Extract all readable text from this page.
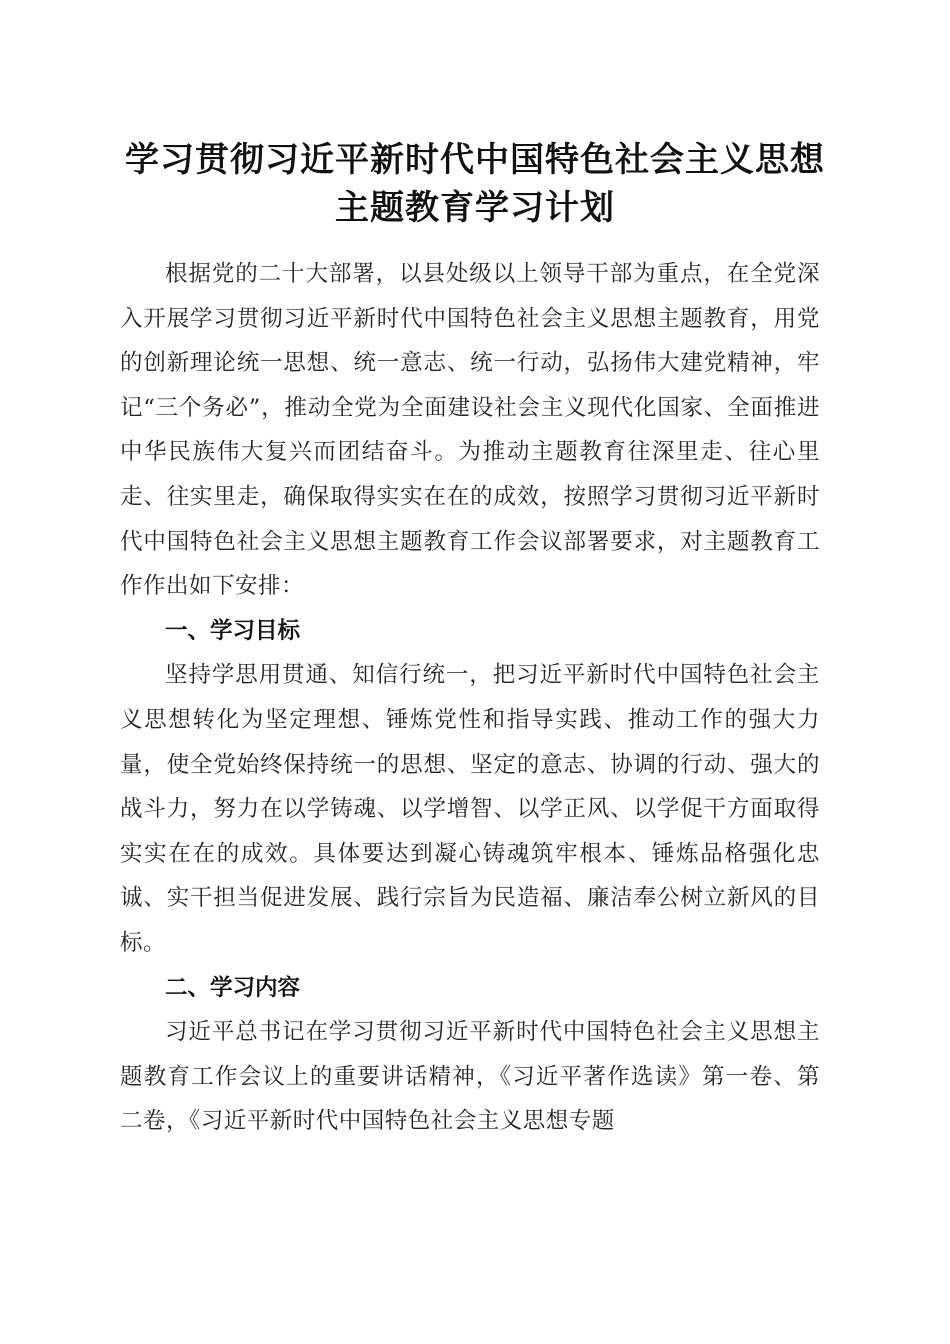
学习贯彻习近平新时代中国特色社会主义思想
主题教育学习计划

根据党的二十大部署，以县处级以上领导干部为重点，在全党深入开展学习贯彻习近平新时代中国特色社会主义思想主题教育，用党的创新理论统一思想、统一意志、统一行动，弘扬伟大建党精神，牢记“三个务必”，推动全党为全面建设社会主义现代化国家、全面推进中华民族伟大复兴而团结奋斗。为推动主题教育往深里走、往心里走、往实里走，确保取得实实在在的成效，按照学习贯彻习近平新时代中国特色社会主义思想主题教育工作会议部署要求，对主题教育工作作出如下安排：

一、学习目标

坚持学思用贯通、知信行统一，把习近平新时代中国特色社会主义思想转化为坚定理想、锤炼党性和指导实践、推动工作的强大力量，使全党始终保持统一的思想、坚定的意志、协调的行动、强大的战斗力，努力在以学铸魂、以学增智、以学正风、以学促干方面取得实实在在的成效。具体要达到凝心铸魂筑牢根本、锤炼品格强化忠诚、实干担当促进发展、践行宗旨为民造福、廉洁奉公树立新风的目标。

二、学习内容

习近平总书记在学习贯彻习近平新时代中国特色社会主义思想主题教育工作会议上的重要讲话精神，《习近平著作选读》第一卷、第二卷，《习近平新时代中国特色社会主义思想专题
